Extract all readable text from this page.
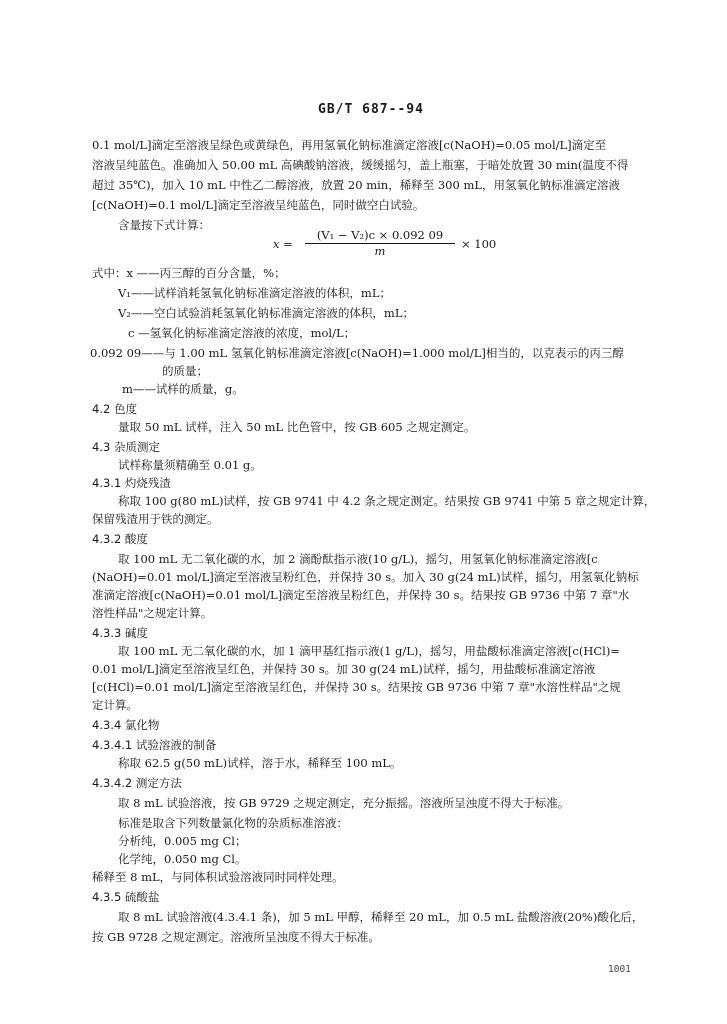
GB/T 687--94
0.1 mol/L]滴定至溶液呈绿色或黄绿色，再用氢氧化钠标准滴定溶液[c(NaOH)=0.05 mol/L]滴定至
溶液呈纯蓝色。准确加入 50.00 mL 高碘酸钠溶液，缓缓摇匀，盖上瓶塞，于暗处放置 30 min(温度不得
超过 35℃)，加入 10 mL 中性乙二醇溶液，放置 20 min，稀释至 300 mL，用氢氧化钠标准滴定溶液
[c(NaOH)=0.1 mol/L]滴定至溶液呈纯蓝色，同时做空白试验。
含量按下式计算：
$x = \frac{\text{(V₁ − V₂)c × 0.092 09}}{m} \times 100$
式中：x ——丙三醇的百分含量，%；
V₁——试样消耗氢氧化钠标准滴定溶液的体积，mL；
V₂——空白试验消耗氢氧化钠标准滴定溶液的体积，mL；
c —氢氧化钠标准滴定溶液的浓度，mol/L；
0.092 09——与 1.00 mL 氢氧化钠标准滴定溶液[c(NaOH)=1.000 mol/L]相当的，以克表示的丙三醇
的质量；
m——试样的质量，g。
4.2 色度
量取 50 mL 试样，注入 50 mL 比色管中，按 GB 605 之规定测定。
4.3 杂质测定
试样称量须精确至 0.01 g。
4.3.1 灼烧残渣
称取 100 g(80 mL)试样，按 GB 9741 中 4.2 条之规定测定。结果按 GB 9741 中第 5 章之规定计算，
保留残渣用于铁的测定。
4.3.2 酸度
取 100 mL 无二氧化碳的水，加 2 滴酚酞指示液(10 g/L)，摇匀，用氢氧化钠标准滴定溶液[c
(NaOH)=0.01 mol/L]滴定至溶液呈粉红色，并保持 30 s。加入 30 g(24 mL)试样，摇匀，用氢氧化钠标
准滴定溶液[c(NaOH)=0.01 mol/L]滴定至溶液呈粉红色，并保持 30 s。结果按 GB 9736 中第 7 章"水
溶性样品"之规定计算。
4.3.3 碱度
取 100 mL 无二氧化碳的水，加 1 滴甲基红指示液(1 g/L)，摇匀，用盐酸标准滴定溶液[c(HCl)=
0.01 mol/L]滴定至溶液呈红色，并保持 30 s。加 30 g(24 mL)试样，摇匀，用盐酸标准滴定溶液
[c(HCl)=0.01 mol/L]滴定至溶液呈红色，并保持 30 s。结果按 GB 9736 中第 7 章"水溶性样品"之规
定计算。
4.3.4 氯化物
4.3.4.1 试验溶液的制备
称取 62.5 g(50 mL)试样，溶于水，稀释至 100 mL。
4.3.4.2 测定方法
取 8 mL 试验溶液，按 GB 9729 之规定测定，充分振摇。溶液所呈浊度不得大于标准。
标准是取含下列数量氯化物的杂质标准溶液：
分析纯，0.005 mg Cl；
化学纯，0.050 mg Cl。
稀释至 8 mL，与同体积试验溶液同时同样处理。
4.3.5 硫酸盐
取 8 mL 试验溶液(4.3.4.1 条)，加 5 mL 甲醇，稀释至 20 mL，加 0.5 mL 盐酸溶液(20%)酸化后，
按 GB 9728 之规定测定。溶液所呈浊度不得大于标准。
1001
